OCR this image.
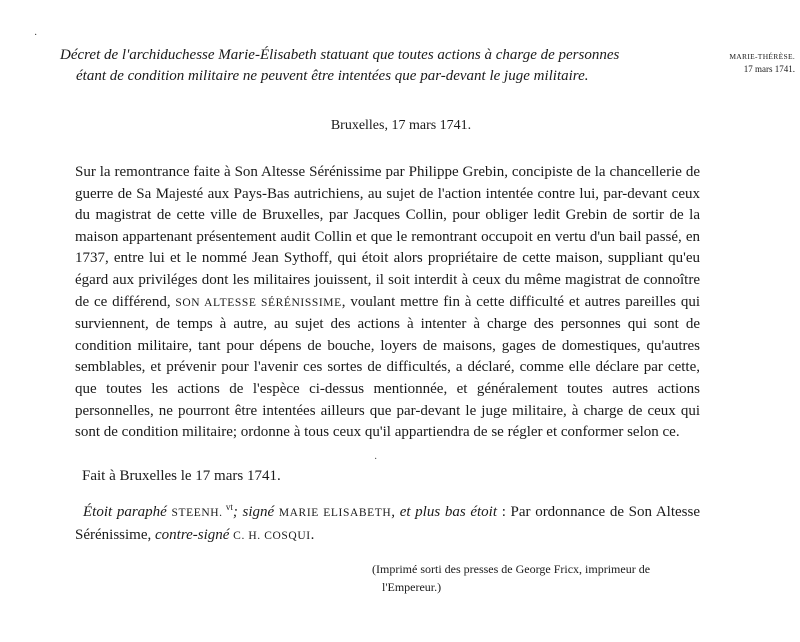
·
Décret de l'archiduchesse Marie-Élisabeth statuant que toutes actions à charge de personnes
étant de condition militaire ne peuvent être intentées que par-devant le juge militaire.
MARIE-THÉRÈSE.
17 mars 1741.
Bruxelles, 17 mars 1741.
Sur la remontrance faite à Son Altesse Sérénissime par Philippe Grebin, concipiste de la chancellerie de guerre de Sa Majesté aux Pays-Bas autrichiens, au sujet de l'action intentée contre lui, par-devant ceux du magistrat de cette ville de Bruxelles, par Jacques Collin, pour obliger ledit Grebin de sortir de la maison appartenant présentement audit Collin et que le remontrant occupoit en vertu d'un bail passé, en 1737, entre lui et le nommé Jean Sythoff, qui étoit alors propriétaire de cette maison, suppliant qu'eu égard aux priviléges dont les militaires jouissent, il soit interdit à ceux du même magistrat de connoître de ce différend, SON ALTESSE SÉRÉNISSIME, voulant mettre fin à cette difficulté et autres pareilles qui surviennent, de temps à autre, au sujet des actions à intenter à charge des personnes qui sont de condition militaire, tant pour dépens de bouche, loyers de maisons, gages de domestiques, qu'autres semblables, et prévenir pour l'avenir ces sortes de difficultés, a déclaré, comme elle déclare par cette, que toutes les actions de l'espèce ci-dessus mentionnée, et généralement toutes autres actions personnelles, ne pourront être intentées ailleurs que par-devant le juge militaire, à charge de ceux qui sont de condition militaire; ordonne à tous ceux qu'il appartiendra de se régler et conformer selon ce.
·
Fait à Bruxelles le 17 mars 1741.
Étoit paraphé STEENH. $^{vt}$; signé MARIE ELISABETH, et plus bas étoit : Par ordonnance de Son Altesse Sérénissime, contre-signé C. H. COSQUI.
(Imprimé sorti des presses de George Fricx, imprimeur de
l'Empereur.)
